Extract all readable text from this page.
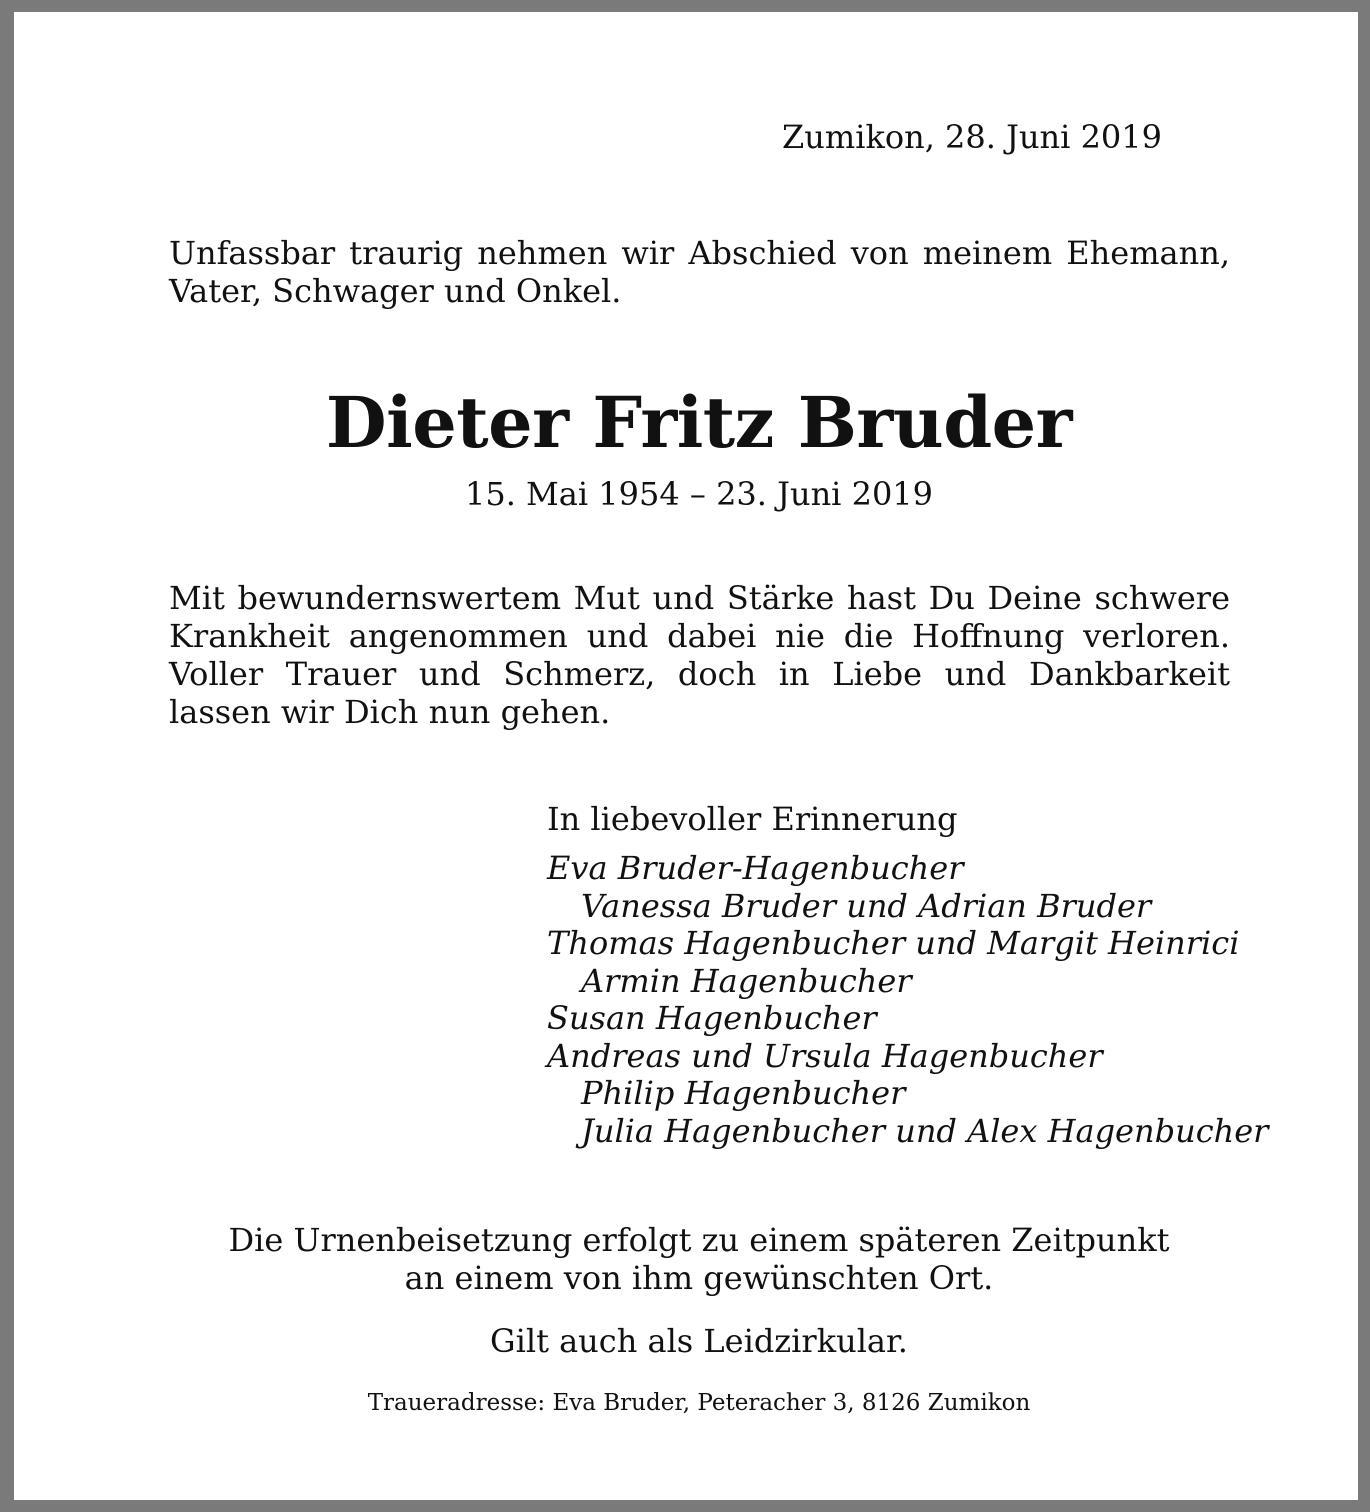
Zumikon, 28. Juni 2019

Unfassbar traurig nehmen wir Abschied von meinem Ehemann, Vater, Schwager und Onkel.

Dieter Fritz Bruder

15. Mai 1954 – 23. Juni 2019

Mit bewundernswertem Mut und Stärke hast Du Deine schwere Krankheit angenommen und dabei nie die Hoffnung verloren. Voller Trauer und Schmerz, doch in Liebe und Dankbarkeit lassen wir Dich nun gehen.

In liebevoller Erinnerung

Eva Bruder-Hagenbucher
Vanessa Bruder und Adrian Bruder
Thomas Hagenbucher und Margit Heinrici
Armin Hagenbucher
Susan Hagenbucher
Andreas und Ursula Hagenbucher
Philip Hagenbucher
Julia Hagenbucher und Alex Hagenbucher
Die Urnenbeisetzung erfolgt zu einem späteren Zeitpunkt
an einem von ihm gewünschten Ort.

Gilt auch als Leidzirkular.

Traueradresse: Eva Bruder, Peteracher 3, 8126 Zumikon
